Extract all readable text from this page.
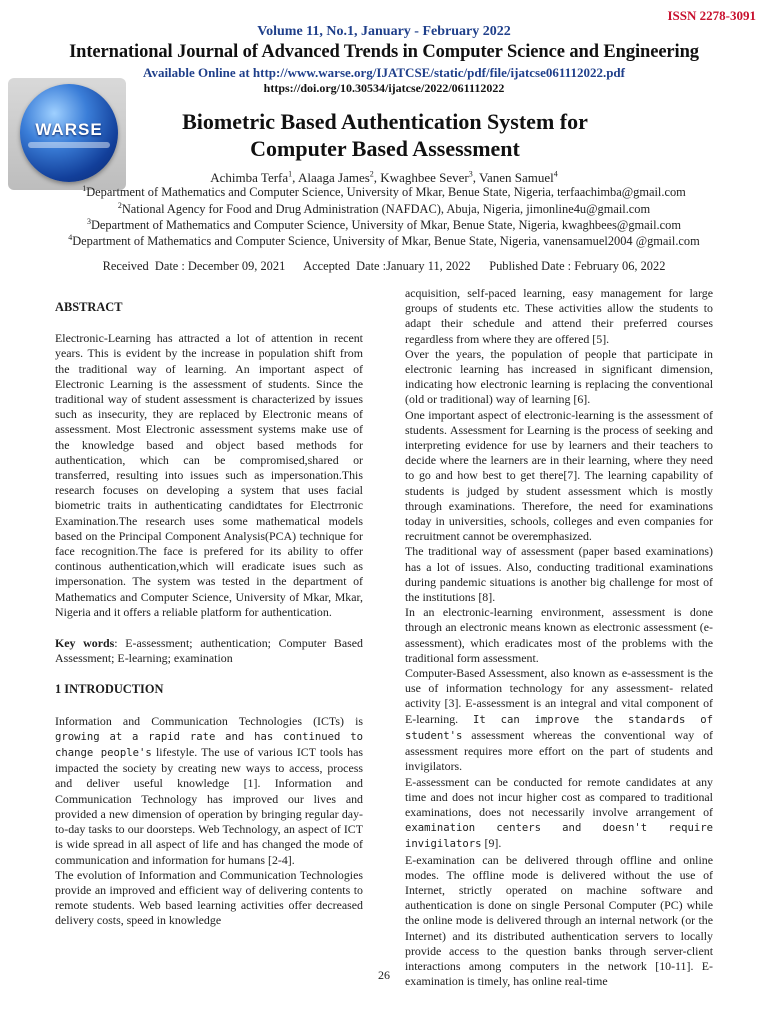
ISSN 2278-3091
Volume 11, No.1, January - February 2022
International Journal of Advanced Trends in Computer Science and Engineering
Available Online at http://www.warse.org/IJATCSE/static/pdf/file/ijatcse061112022.pdf
https://doi.org/10.30534/ijatcse/2022/061112022
WARSE	Biometric Based Authentication System for
Computer Based Assessment
Achimba Terfa$^1$, Alaaga James$^2$, Kwaghbee Sever$^3$, Vanen Samuel$^4$
$^1$Department of Mathematics and Computer Science, University of Mkar, Benue State, Nigeria, terfaachimba@gmail.com
$^2$National Agency for Food and Drug Administration (NAFDAC), Abuja, Nigeria, jimonline4u@gmail.com
$^3$Department of Mathematics and Computer Science, University of Mkar, Benue State, Nigeria, kwaghbees@gmail.com
$^4$Department of Mathematics and Computer Science, University of Mkar, Benue State, Nigeria, vanensamuel2004 @gmail.com
Received  Date : December 09, 2021      Accepted  Date :January 11, 2022      Published Date : February 06, 2022

ABSTRACT

Electronic-Learning has attracted a lot of attention in recent years. This is evident by the increase in population shift from the traditional way of learning. An important aspect of Electronic Learning is the assessment of students. Since the traditional way of student assessment is characterized by issues such as insecurity, they are replaced by Electronic means of assessment. Most Electronic assessment systems make use of the knowledge based and object based methods for authentication, which can be compromised,shared or transferred, resulting into issues such as impersonation.This research focuses on developing a system that uses facial biometric traits in authenticating candidtates for Electrronic Examination.The research uses some mathematical models based on the Principal Component Analysis(PCA) technique for face recognition.The face is prefered for its ability to offer continous authentication,which will eradicate isues such as impersonation. The system was tested in the department of Mathematics and Computer Science, University of Mkar, Mkar, Nigeria and it offers a reliable platform for authentication.

Key words: E-assessment; authentication; Computer Based Assessment; E-learning; examination

1 INTRODUCTION

Information and Communication Technologies (ICTs) is growing at a rapid rate and has continued to change people's lifestyle. The use of various ICT tools has impacted the society by creating new ways to access, process and deliver useful knowledge [1]. Information and Communication Technology has improved our lives and provided a new dimension of operation by bringing regular day-to-day tasks to our doorsteps. Web Technology, an aspect of ICT is wide spread in all aspect of life and has changed the mode of communication and information for humans [2-4].

The evolution of Information and Communication Technologies provide an improved and efficient way of delivering contents to remote students. Web based learning activities offer decreased delivery costs, speed in knowledge

acquisition, self-paced learning, easy management for large groups of students etc. These activities allow the students to adapt their schedule and attend their preferred courses regardless from where they are offered [5].

Over the years, the population of people that participate in electronic learning has increased in significant dimension, indicating how electronic learning is replacing the conventional (old or traditional) way of learning [6].

One important aspect of electronic-learning is the assessment of students. Assessment for Learning is the process of seeking and interpreting evidence for use by learners and their teachers to decide where the learners are in their learning, where they need to go and how best to get there[7]. The learning capability of students is judged by student assessment which is mostly through examinations. Therefore, the need for examinations today in universities, schools, colleges and even companies for recruitment cannot be overemphasized.

The traditional way of assessment (paper based examinations) has a lot of issues. Also, conducting traditional examinations during pandemic situations is another big challenge for most of the institutions [8].

In an electronic-learning environment, assessment is done through an electronic means known as electronic assessment (e-assessment), which eradicates most of the problems with the traditional form assessment.

Computer-Based Assessment, also known as e-assessment is the use of information technology for any assessment- related activity [3]. E-assessment is an integral and vital component of E-learning. It can improve the standards of student's assessment whereas the conventional way of assessment requires more effort on the part of students and invigilators.

E-assessment can be conducted for remote candidates at any time and does not incur higher cost as compared to traditional examinations, does not necessarily involve arrangement of examination centers and doesn't require invigilators [9].

E-examination can be delivered through offline and online modes. The offline mode is delivered without the use of Internet, strictly operated on machine software and authentication is done on single Personal Computer (PC) while the online mode is delivered through an internal network (or the Internet) and its distributed authentication servers to locally provide access to the question banks through server-client interactions among computers in the network [10-11]. E-examination is timely, has online real-time

26
